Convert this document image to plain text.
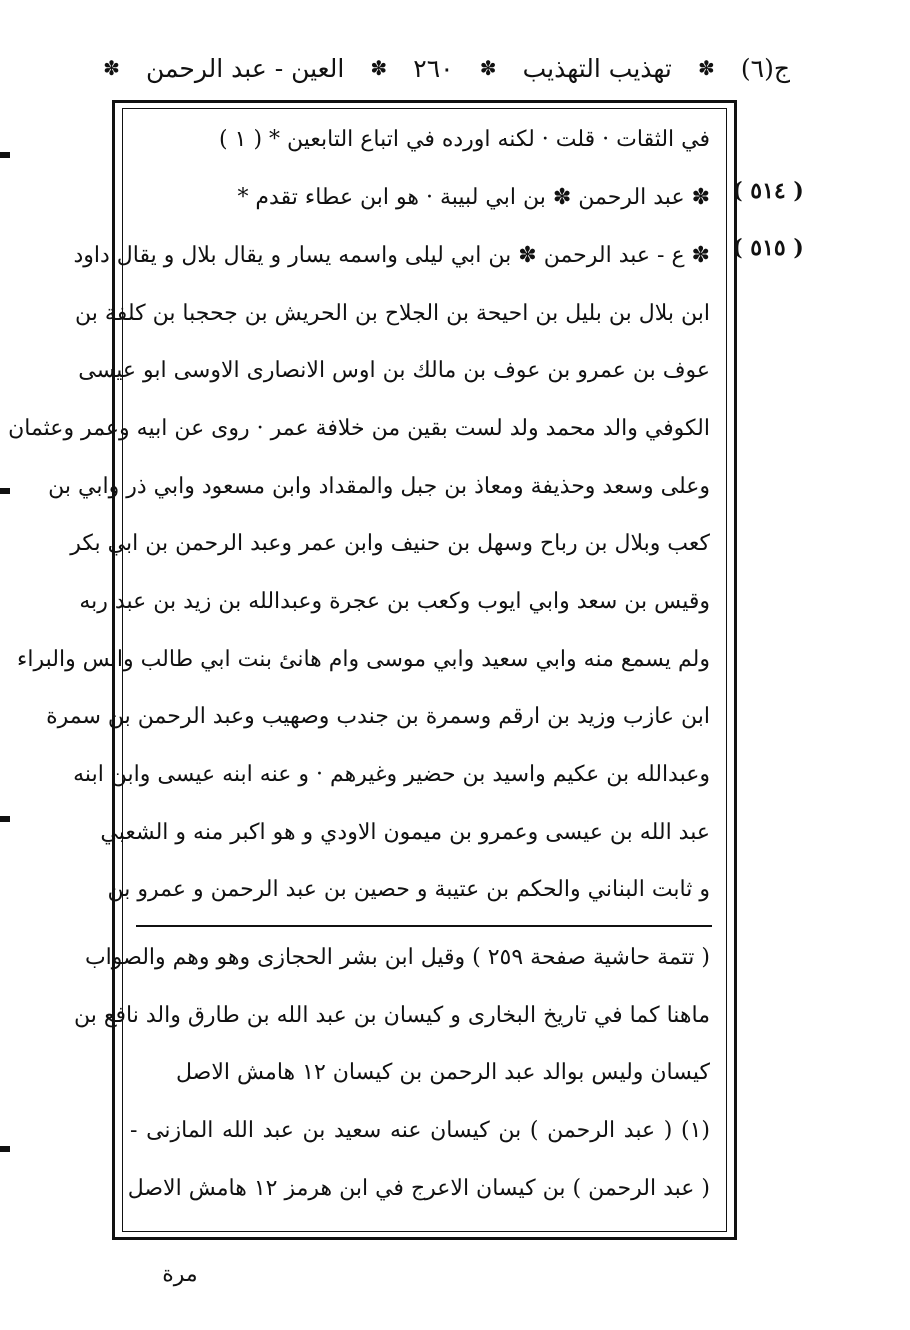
ج(٦)
✽
تهذيب التهذيب
✽
٢٦٠
✽
العين - عبد الرحمن
✽
( ٥١٤ )
( ٥١٥ )
في الثقات · قلت · لكنه اورده في اتباع التابعين * ( ١ )
✽ عبد الرحمن ✽ بن ابي لبيبة · هو ابن عطاء تقدم *
✽ ع - عبد الرحمن ✽ بن ابي ليلى واسمه يسار و يقال بلال و يقال داود
ابن بلال بن بليل بن احيحة بن الجلاح بن الحريش بن جحجبا بن كلفة بن
عوف بن عمرو بن عوف بن مالك بن اوس الانصارى الاوسى ابو عيسى
الكوفي والد محمد ولد لست بقين من خلافة عمر · روى عن ابيه وعمر وعثمان
وعلى وسعد وحذيفة ومعاذ بن جبل والمقداد وابن مسعود وابي ذر وابي بن
كعب وبلال بن رباح وسهل بن حنيف وابن عمر وعبد الرحمن بن ابي بكر
وقيس بن سعد وابي ايوب وكعب بن عجرة وعبدالله بن زيد بن عبد ربه
ولم يسمع منه وابي سعيد وابي موسى وام هانئ بنت ابي طالب وانس والبراء
ابن عازب وزيد بن ارقم وسمرة بن جندب وصهيب وعبد الرحمن بن سمرة
وعبدالله بن عكيم واسيد بن حضير وغيرهم · و عنه ابنه عيسى وابن ابنه
عبد الله بن عيسى وعمرو بن ميمون الاودي و هو اكبر منه و الشعبي
و ثابت البناني والحكم بن عتيبة و حصين بن عبد الرحمن و عمرو بن
( تتمة حاشية صفحة ٢٥٩ ) وقيل ابن بشر الحجازى وهو وهم والصواب
ماهنا كما في تاريخ البخارى و كيسان بن عبد الله بن طارق والد نافع بن
كيسان وليس بوالد عبد الرحمن بن كيسان ١٢ هامش الاصل
(١) ( عبد الرحمن ) بن كيسان عنه سعيد بن عبد الله المازنى -
( عبد الرحمن ) بن كيسان الاعرج في ابن هرمز ١٢ هامش الاصل
مرة
